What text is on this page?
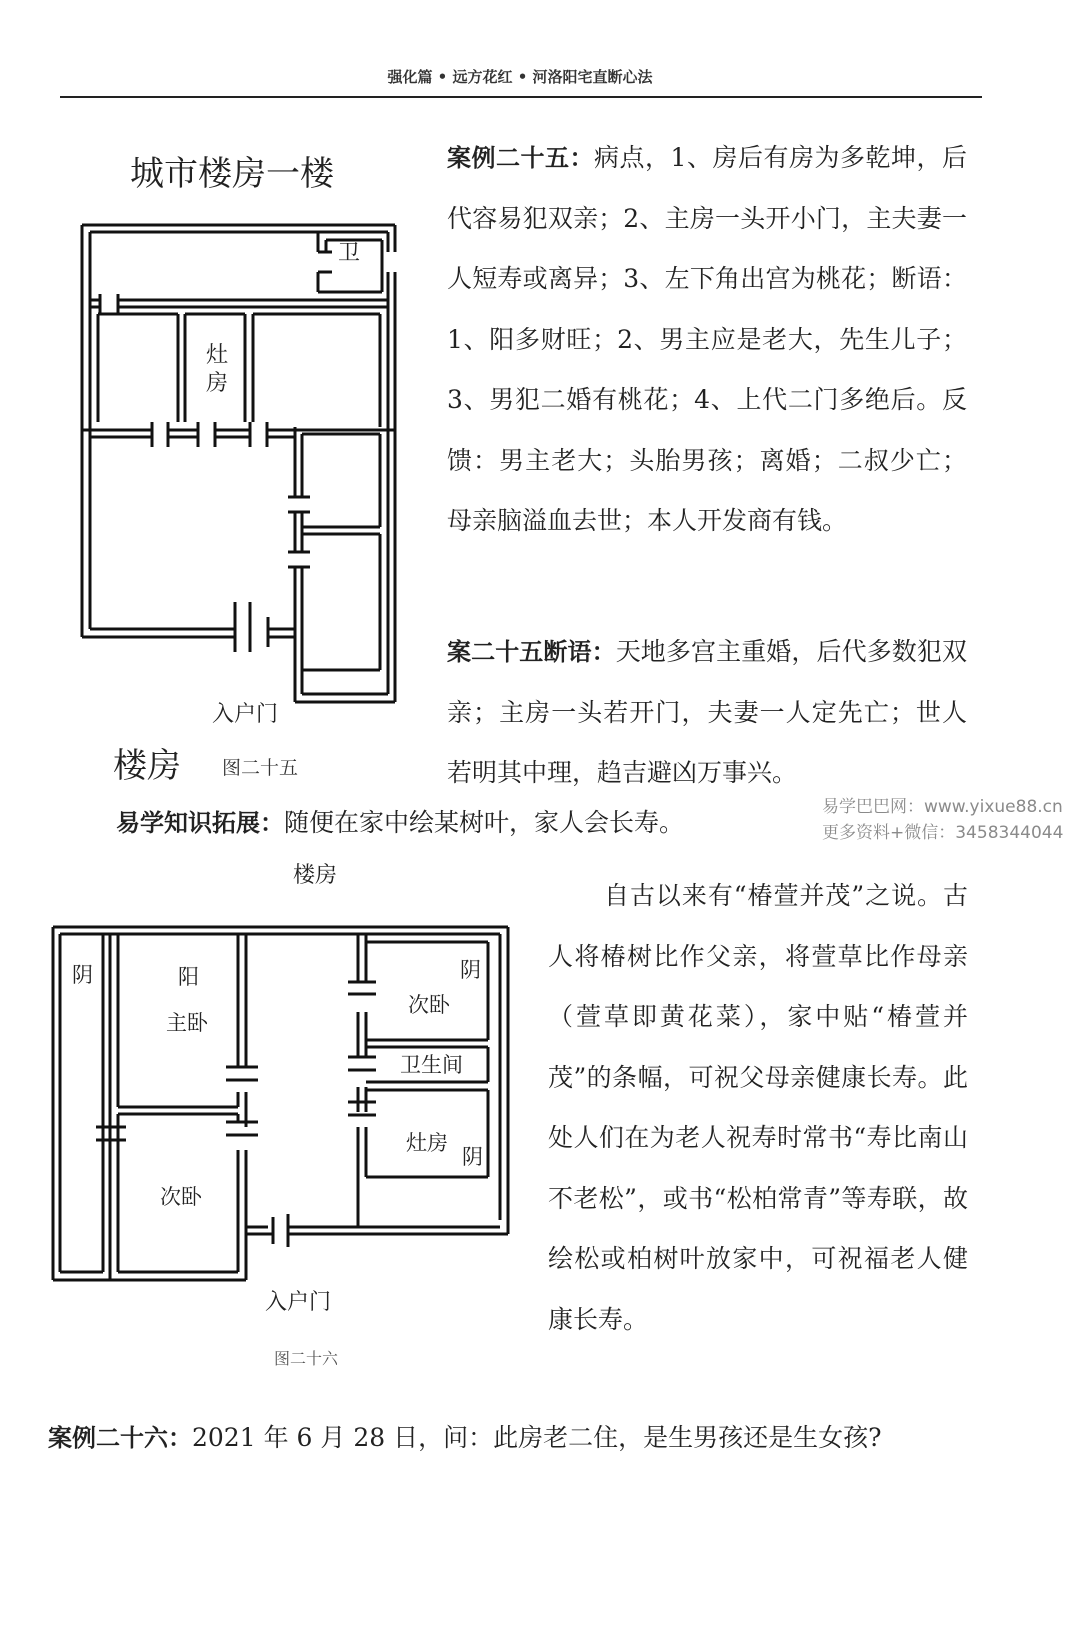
强化篇 • 远方花红 • 河洛阳宅直断心法
城市楼房一楼
卫
灶
房
入户门
楼房 图二十五
案例二十五：病点，1、房后有房为多乾坤，后代容易犯双亲；2、主房一头开小门，主夫妻一人短寿或离异；3、左下角出宫为桃花；断语：1、阳多财旺；2、男主应是老大，先生儿子；3、男犯二婚有桃花；4、上代二门多绝后。反馈：男主老大；头胎男孩；离婚；二叔少亡；母亲脑溢血去世；本人开发商有钱。
案二十五断语：天地多宫主重婚，后代多数犯双亲；主房一头若开门，夫妻一人定先亡；世人若明其中理，趋吉避凶万事兴。
易学巴巴网：www.yixue88.cn
更多资料+微信：3458344044
易学知识拓展：随便在家中绘某树叶，家人会长寿。
楼房
阴	阳
主卧
阴
次卧
卫生间
灶房
阴
次卧
入户门
图二十六
自古以来有“椿萱并茂”之说。古人将椿树比作父亲，将萱草比作母亲（萱草即黄花菜），家中贴“椿萱并茂”的条幅，可祝父母亲健康长寿。此处人们在为老人祝寿时常书“寿比南山不老松”，或书“松柏常青”等寿联，故绘松或柏树叶放家中，可祝福老人健康长寿。
案例二十六：2021 年 6 月 28 日，问：此房老二住，是生男孩还是生女孩?
